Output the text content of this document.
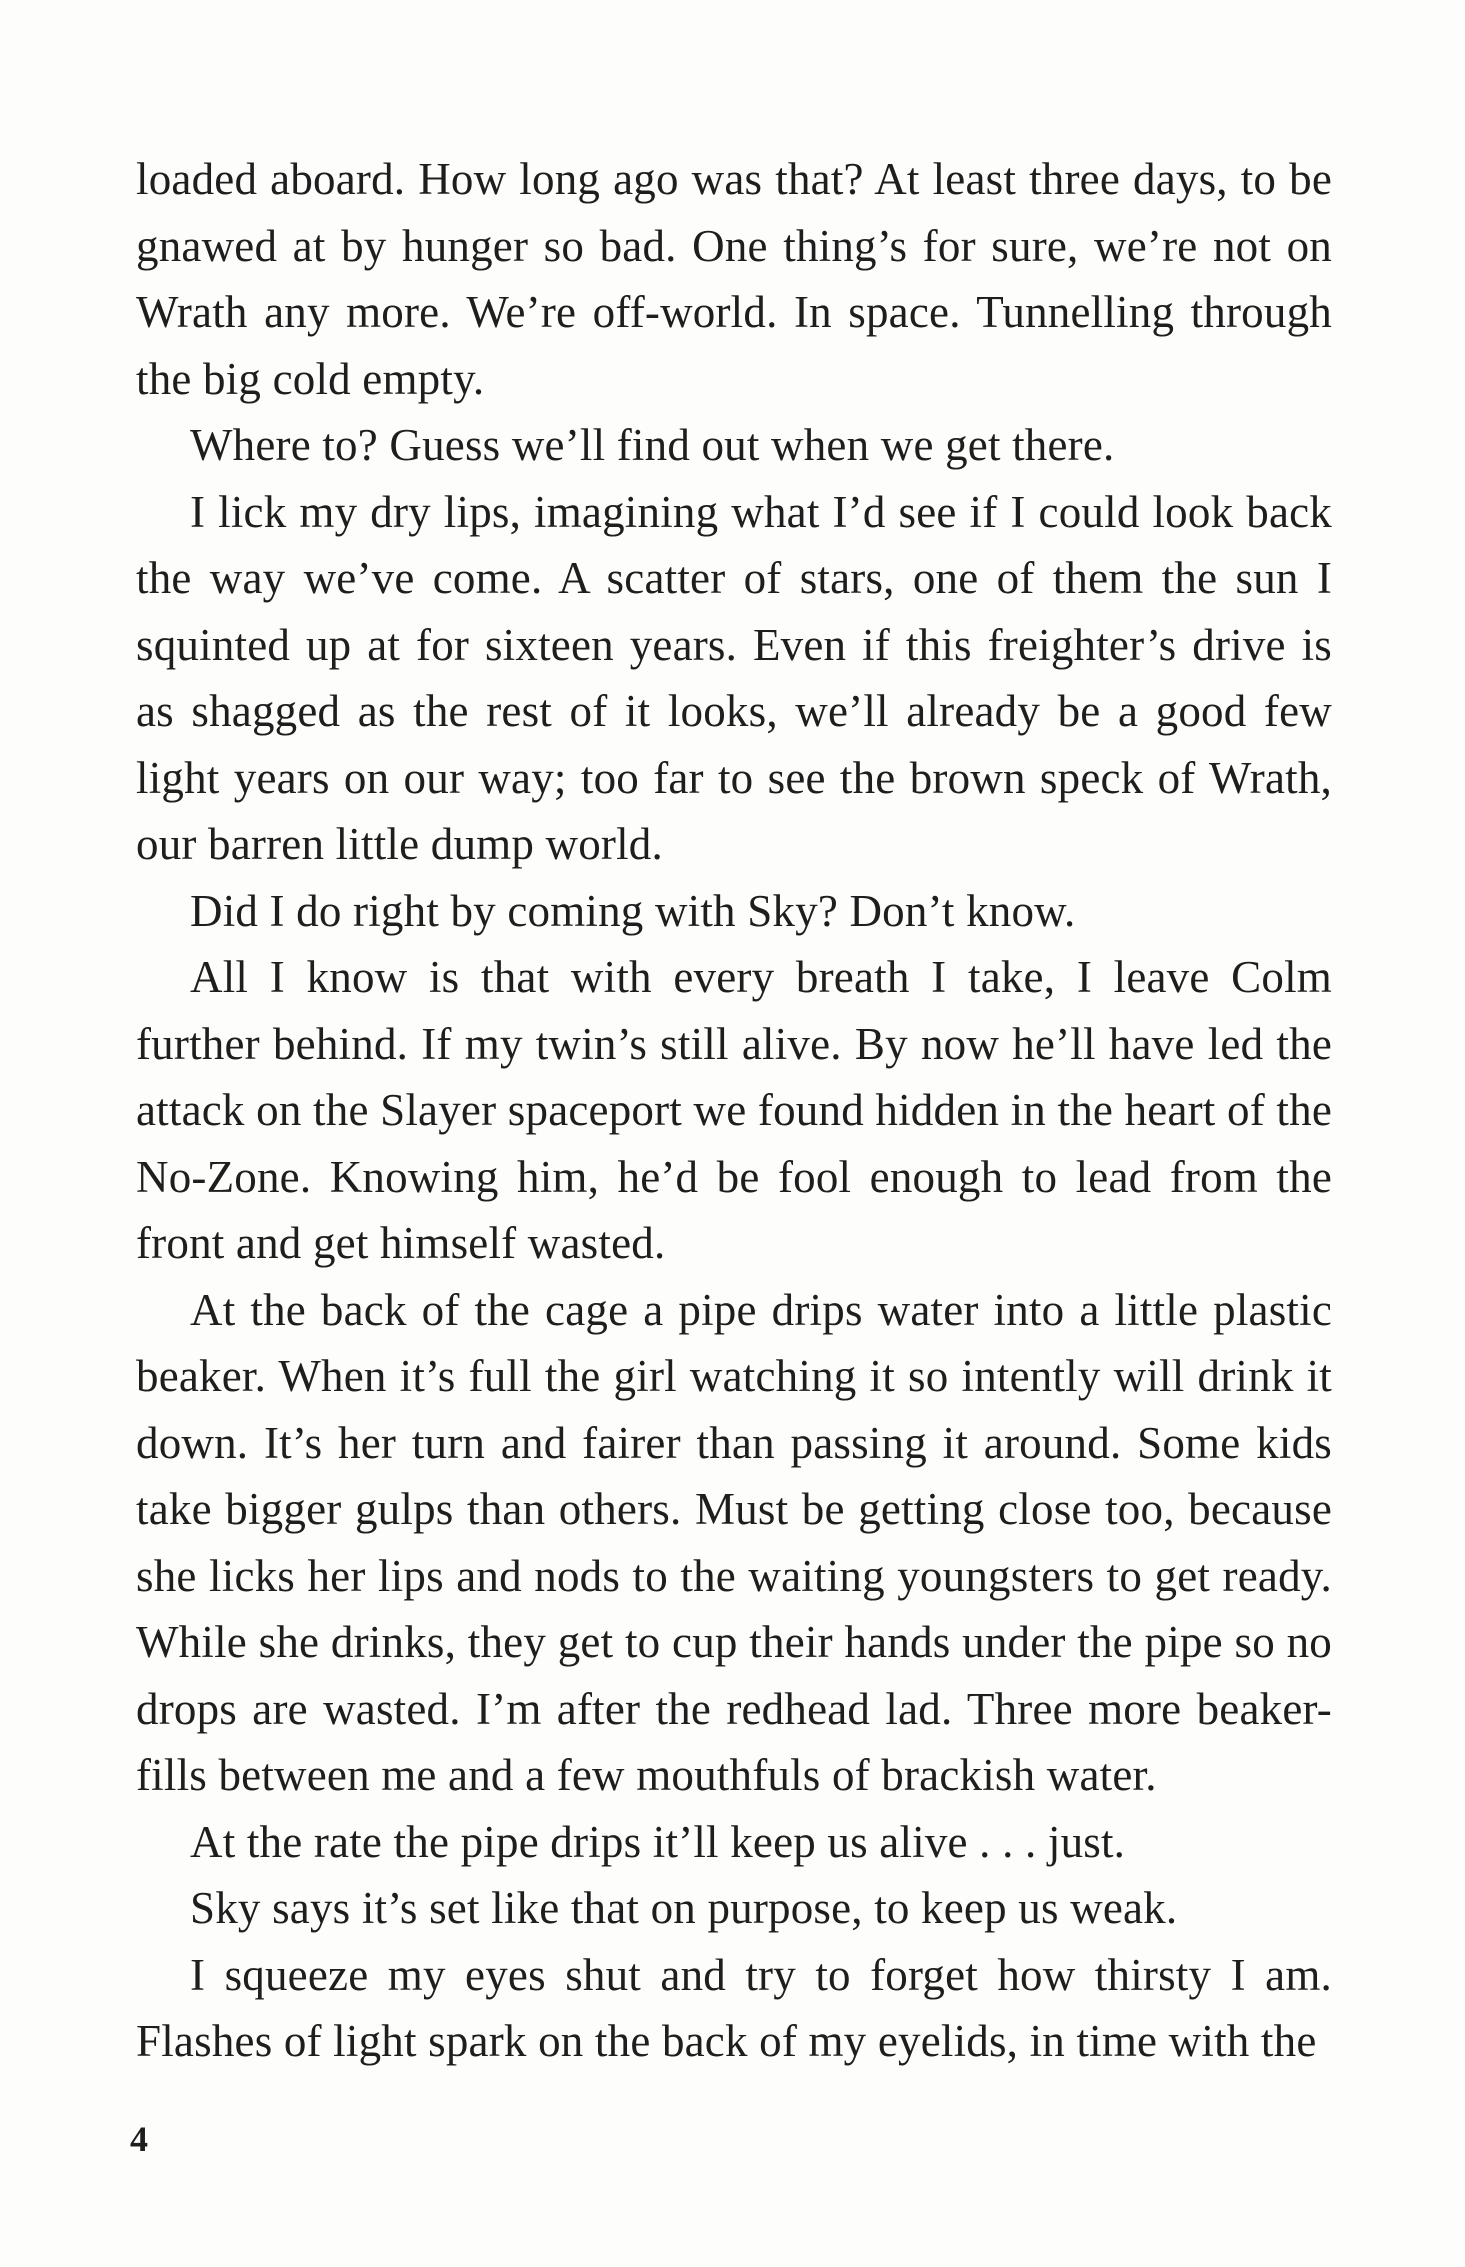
loaded aboard. How long ago was that? At least three days, to be gnawed at by hunger so bad. One thing’s for sure, we’re not on Wrath any more. We’re off-world. In space. Tunnelling through the big cold empty.

Where to? Guess we’ll find out when we get there.

I lick my dry lips, imagining what I’d see if I could look back the way we’ve come. A scatter of stars, one of them the sun I squinted up at for sixteen years. Even if this freighter’s drive is as shagged as the rest of it looks, we’ll already be a good few light years on our way; too far to see the brown speck of Wrath, our barren little dump world.

Did I do right by coming with Sky? Don’t know.

All I know is that with every breath I take, I leave Colm further behind. If my twin’s still alive. By now he’ll have led the attack on the Slayer spaceport we found hidden in the heart of the No-Zone. Knowing him, he’d be fool enough to lead from the front and get himself wasted.

At the back of the cage a pipe drips water into a little plastic beaker. When it’s full the girl watching it so intently will drink it down. It’s her turn and fairer than passing it around. Some kids take bigger gulps than others. Must be getting close too, because she licks her lips and nods to the waiting youngsters to get ready. While she drinks, they get to cup their hands under the pipe so no drops are wasted. I’m after the redhead lad. Three more beaker-fills between me and a few mouthfuls of brackish water.

At the rate the pipe drips it’ll keep us alive . . . just.

Sky says it’s set like that on purpose, to keep us weak.

I squeeze my eyes shut and try to forget how thirsty I am. Flashes of light spark on the back of my eyelids, in time with the

4
